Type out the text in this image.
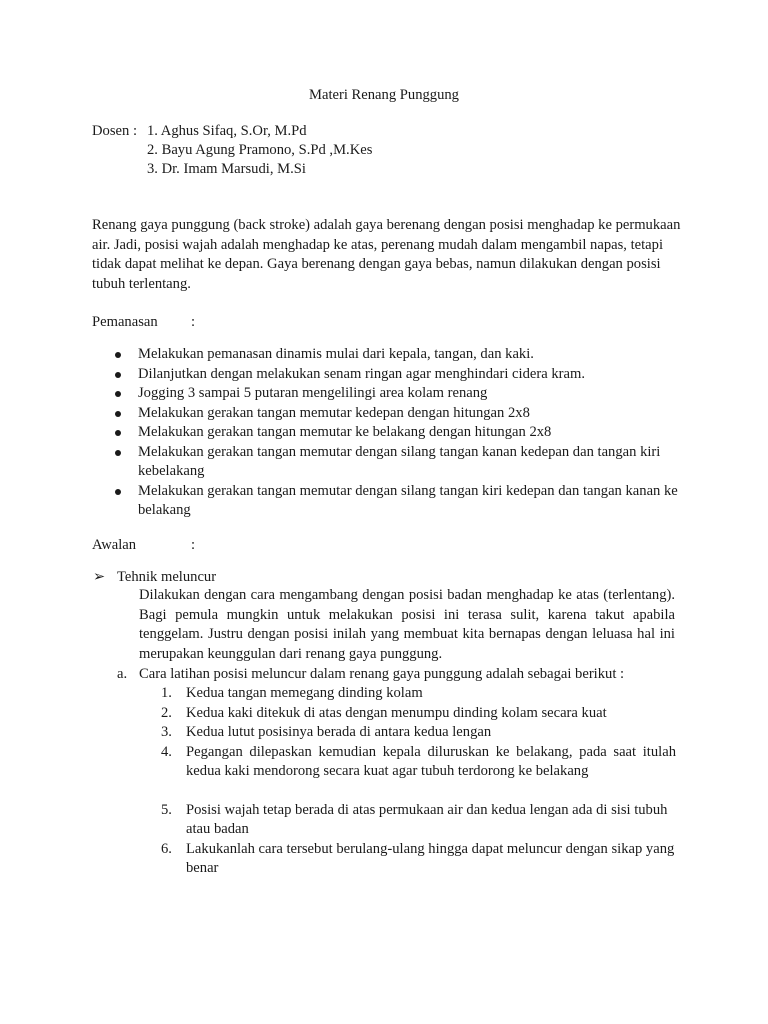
Materi Renang Punggung
Dosen : 1. Aghus Sifaq, S.Or, M.Pd
2. Bayu Agung Pramono, S.Pd ,M.Kes
3. Dr. Imam Marsudi, M.Si
Renang gaya punggung (back stroke) adalah gaya berenang dengan posisi menghadap ke permukaan air. Jadi, posisi wajah adalah menghadap ke atas, perenang mudah dalam mengambil napas, tetapi tidak dapat melihat ke depan. Gaya berenang dengan gaya bebas, namun dilakukan dengan posisi tubuh terlentang.
Pemanasan :
Melakukan pemanasan dinamis mulai dari kepala, tangan, dan kaki.
Dilanjutkan dengan melakukan senam ringan agar menghindari cidera kram.
Jogging 3 sampai 5 putaran mengelilingi area kolam renang
Melakukan gerakan tangan memutar kedepan dengan hitungan 2x8
Melakukan gerakan tangan memutar ke belakang dengan hitungan 2x8
Melakukan gerakan tangan memutar dengan silang tangan kanan kedepan dan tangan kiri kebelakang
Melakukan gerakan tangan memutar dengan silang tangan kiri kedepan dan tangan kanan ke belakang
Awalan	:
➢ Tehnik meluncur
Dilakukan dengan cara mengambang dengan posisi badan menghadap ke atas (terlentang). Bagi pemula mungkin untuk melakukan posisi ini terasa sulit, karena takut apabila tenggelam. Justru dengan posisi inilah yang membuat kita bernapas dengan leluasa hal ini merupakan keunggulan dari renang gaya punggung.
a. Cara latihan posisi meluncur dalam renang gaya punggung adalah sebagai berikut :
1. Kedua tangan memegang dinding kolam
2. Kedua kaki ditekuk di atas dengan menumpu dinding kolam secara kuat
3. Kedua lutut posisinya berada di antara kedua lengan
4. Pegangan dilepaskan kemudian kepala diluruskan ke belakang, pada saat itulah kedua kaki mendorong secara kuat agar tubuh terdorong ke belakang
5. Posisi wajah tetap berada di atas permukaan air dan kedua lengan ada di sisi tubuh atau badan
6. Lakukanlah cara tersebut berulang-ulang hingga dapat meluncur dengan sikap yang benar
